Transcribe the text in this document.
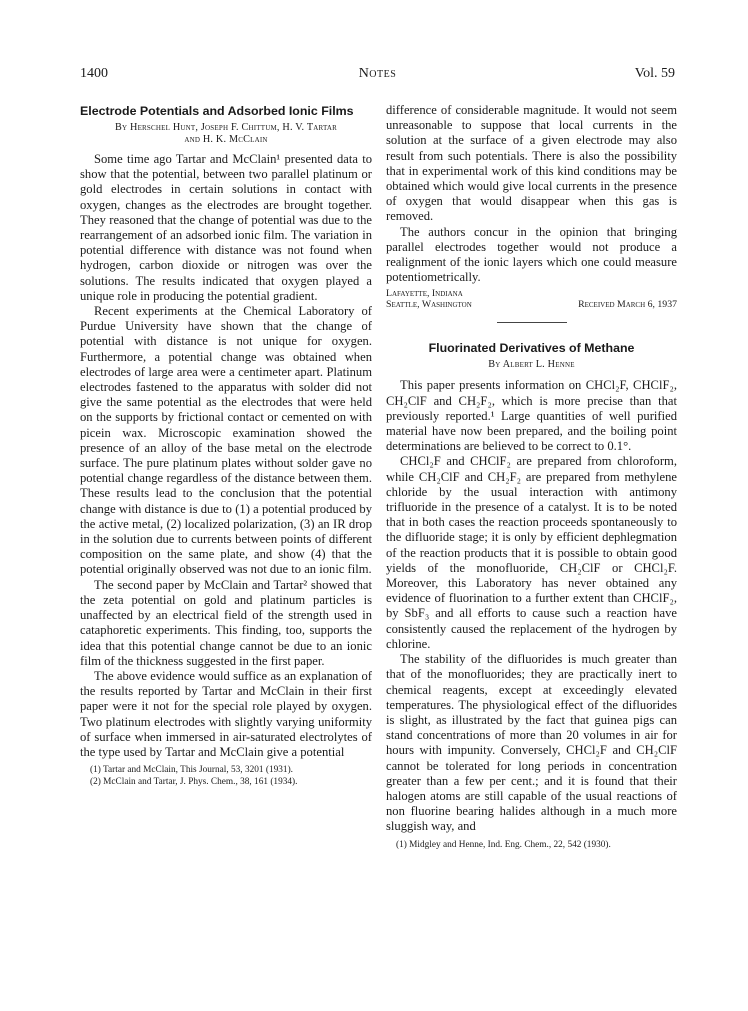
1400	Notes	Vol. 59
Electrode Potentials and Adsorbed Ionic Films
By Herschel Hunt, Joseph F. Chittum, H. V. Tartar
and H. K. McClain

Some time ago Tartar and McClain¹ presented data to show that the potential, between two parallel platinum or gold electrodes in certain solutions in contact with oxygen, changes as the electrodes are brought together. They reasoned that the change of potential was due to the rearrangement of an adsorbed ionic film. The variation in potential difference with distance was not found when hydrogen, carbon dioxide or nitrogen was over the solutions. The results indicated that oxygen played a unique role in producing the potential gradient.

Recent experiments at the Chemical Laboratory of Purdue University have shown that the change of potential with distance is not unique for oxygen. Furthermore, a potential change was obtained when electrodes of large area were a centimeter apart. Platinum electrodes fastened to the apparatus with solder did not give the same potential as the electrodes that were held on the supports by frictional contact or cemented on with picein wax. Microscopic examination showed the presence of an alloy of the base metal on the electrode surface. The pure platinum plates without solder gave no potential change regardless of the distance between them. These results lead to the conclusion that the potential change with distance is due to (1) a potential produced by the active metal, (2) localized polarization, (3) an IR drop in the solution due to currents between points of different composition on the same plate, and show (4) that the potential originally observed was not due to an ionic film.

The second paper by McClain and Tartar² showed that the zeta potential on gold and platinum particles is unaffected by an electrical field of the strength used in cataphoretic experiments. This finding, too, supports the idea that this potential change cannot be due to an ionic film of the thickness suggested in the first paper.

The above evidence would suffice as an explanation of the results reported by Tartar and McClain in their first paper were it not for the special role played by oxygen. Two platinum electrodes with slightly varying uniformity of surface when immersed in air-saturated electrolytes of the type used by Tartar and McClain give a potential

(1) Tartar and McClain, This Journal, 53, 3201 (1931).
(2) McClain and Tartar, J. Phys. Chem., 38, 161 (1934).

difference of considerable magnitude. It would not seem unreasonable to suppose that local currents in the solution at the surface of a given electrode may also result from such potentials. There is also the possibility that in experimental work of this kind conditions may be obtained which would give local currents in the presence of oxygen that would disappear when this gas is removed.

The authors concur in the opinion that bringing parallel electrodes together would not produce a realignment of the ionic layers which one could measure potentiometrically.

Lafayette, Indiana
Seattle, Washington	Received March 6, 1937
Fluorinated Derivatives of Methane
By Albert L. Henne

This paper presents information on CHCl₂F, CHClF₂, CH₂ClF and CH₂F₂, which is more precise than that previously reported.¹ Large quantities of well purified material have now been prepared, and the boiling point determinations are believed to be correct to 0.1°.

CHCl₂F and CHClF₂ are prepared from chloroform, while CH₂ClF and CH₂F₂ are prepared from methylene chloride by the usual interaction with antimony trifluoride in the presence of a catalyst. It is to be noted that in both cases the reaction proceeds spontaneously to the difluoride stage; it is only by efficient dephlegmation of the reaction products that it is possible to obtain good yields of the monofluoride, CH₂ClF or CHCl₂F. Moreover, this Laboratory has never obtained any evidence of fluorination to a further extent than CHClF₂, by SbF₃ and all efforts to cause such a reaction have consistently caused the replacement of the hydrogen by chlorine.

The stability of the difluorides is much greater than that of the monofluorides; they are practically inert to chemical reagents, except at exceedingly elevated temperatures. The physiological effect of the difluorides is slight, as illustrated by the fact that guinea pigs can stand concentrations of more than 20 volumes in air for hours with impunity. Conversely, CHCl₂F and CH₂ClF cannot be tolerated for long periods in concentration greater than a few per cent.; and it is found that their halogen atoms are still capable of the usual reactions of non fluorine bearing halides although in a much more sluggish way, and

(1) Midgley and Henne, Ind. Eng. Chem., 22, 542 (1930).
